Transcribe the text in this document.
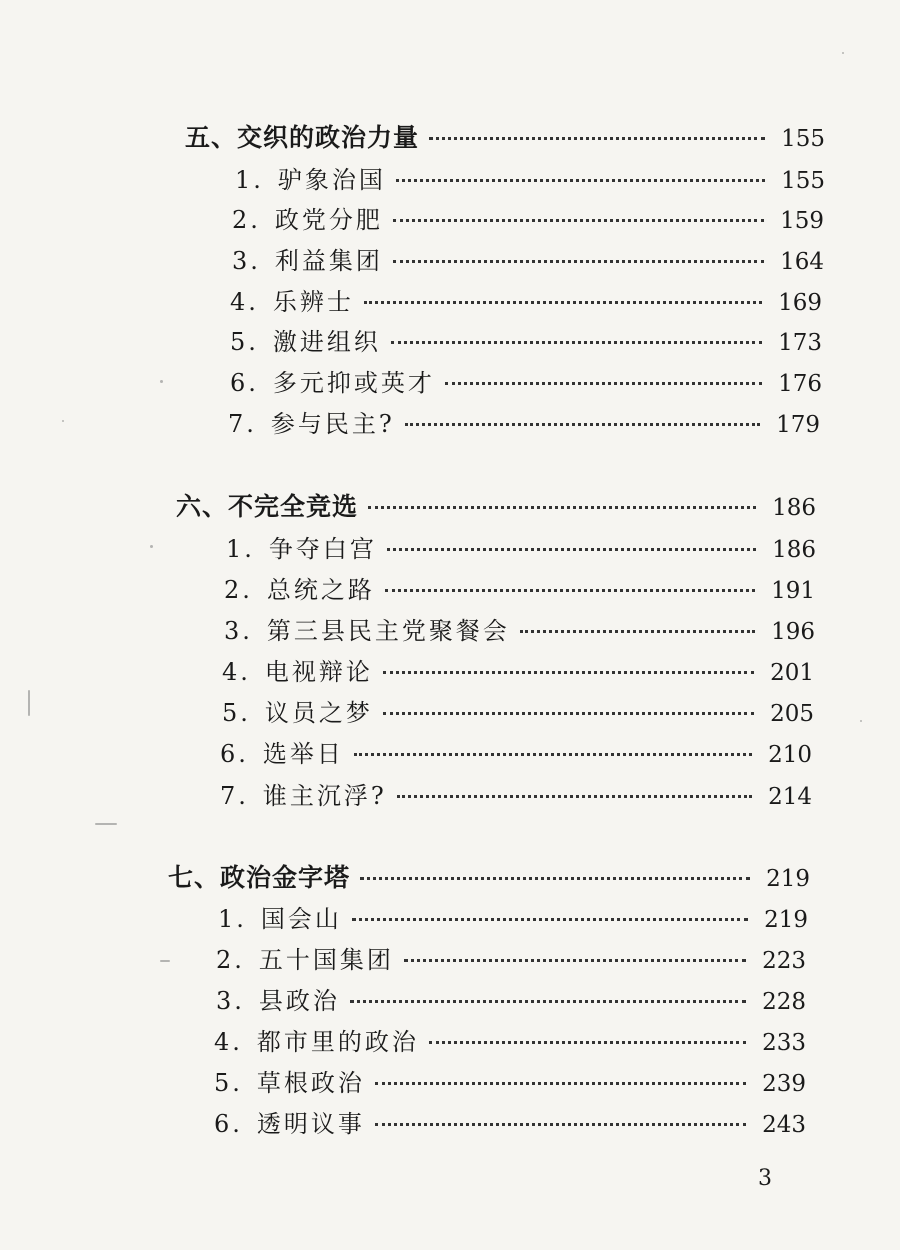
五、交织的政治力量	155
1. 驴象治国	155
2. 政党分肥	159
3. 利益集团	164
4. 乐辨士	169
5. 激进组织	173
6. 多元抑或英才	176
7. 参与民主?	179
六、不完全竞选	186
1. 争夺白宫	186
2. 总统之路	191
3. 第三县民主党聚餐会	196
4. 电视辩论	201
5. 议员之梦	205
6. 选举日	210
7. 谁主沉浮?	214
七、政治金字塔	219
1. 国会山	219
2. 五十国集团	223
3. 县政治	228
4. 都市里的政治	233
5. 草根政治	239
6. 透明议事	243
3
